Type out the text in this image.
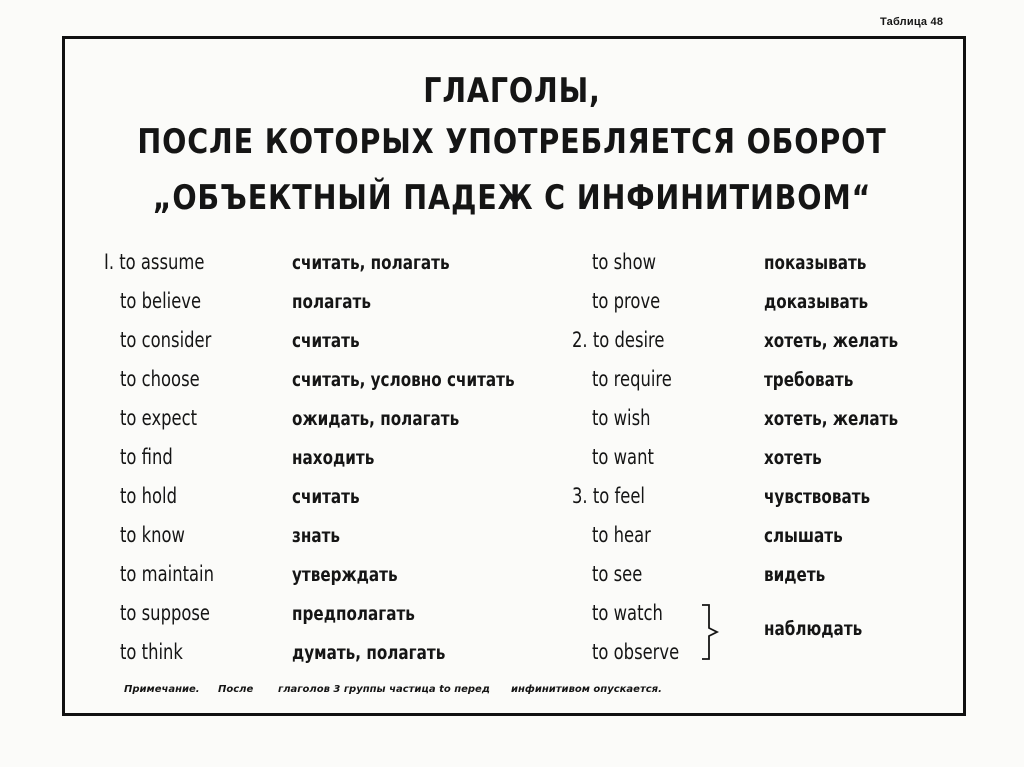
Таблица 48
ГЛАГОЛЫ,
ПОСЛЕ КОТОРЫХ УПОТРЕБЛЯЕТСЯ ОБОРОТ
„ОБЪЕКТНЫЙ ПАДЕЖ С ИНФИНИТИВОМ“
I. to assume
to believe
to consider
to choose
to expect
to find
to hold
to know
to maintain
to suppose
to think
считать, полагать
полагать
считать
считать, условно считать
ожидать, полагать
находить
считать
знать
утверждать
предполагать
думать, полагать
to show
to prove
2. to desire
to require
to wish
to want
3. to feel
to hear
to see
to watch
to observe
показывать
доказывать
хотеть, желать
требовать
хотеть, желать
хотеть
чувствовать
слышать
видеть
наблюдать
Примечание. После глаголов 3 группы частица to перед инфинитивом опускается.
